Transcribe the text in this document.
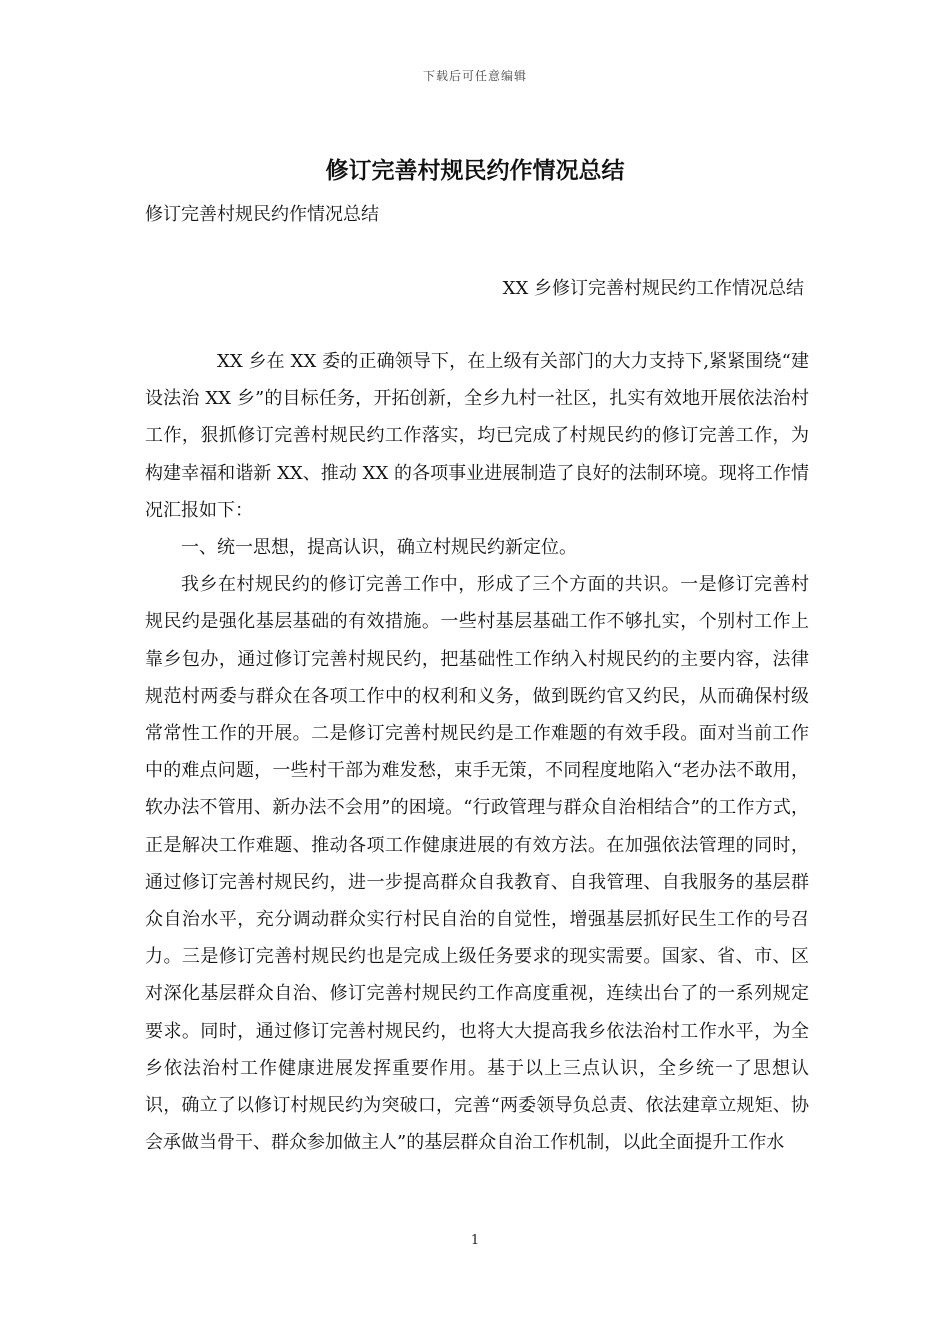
下载后可任意编辑
修订完善村规民约作情况总结

修订完善村规民约作情况总结

XX 乡修订完善村规民约工作情况总结

XX 乡在 XX 委的正确领导下，在上级有关部门的大力支持下,紧紧围绕“建设法治 XX 乡”的目标任务，开拓创新，全乡九村一社区，扎实有效地开展依法治村工作，狠抓修订完善村规民约工作落实，均已完成了村规民约的修订完善工作，为构建幸福和谐新 XX、推动 XX 的各项事业进展制造了良好的法制环境。现将工作情况汇报如下：

一、统一思想，提高认识，确立村规民约新定位。

我乡在村规民约的修订完善工作中，形成了三个方面的共识。一是修订完善村规民约是强化基层基础的有效措施。一些村基层基础工作不够扎实，个别村工作上靠乡包办，通过修订完善村规民约，把基础性工作纳入村规民约的主要内容，法律规范村两委与群众在各项工作中的权利和义务，做到既约官又约民，从而确保村级常常性工作的开展。二是修订完善村规民约是工作难题的有效手段。面对当前工作中的难点问题，一些村干部为难发愁，束手无策，不同程度地陷入“老办法不敢用，软办法不管用、新办法不会用”的困境。“行政管理与群众自治相结合”的工作方式，正是解决工作难题、推动各项工作健康进展的有效方法。在加强依法管理的同时，通过修订完善村规民约，进一步提高群众自我教育、自我管理、自我服务的基层群众自治水平，充分调动群众实行村民自治的自觉性，增强基层抓好民生工作的号召力。三是修订完善村规民约也是完成上级任务要求的现实需要。国家、省、市、区对深化基层群众自治、修订完善村规民约工作高度重视，连续出台了的一系列规定要求。同时，通过修订完善村规民约，也将大大提高我乡依法治村工作水平，为全乡依法治村工作健康进展发挥重要作用。基于以上三点认识，全乡统一了思想认识，确立了以修订村规民约为突破口，完善“两委领导负总责、依法建章立规矩、协会承做当骨干、群众参加做主人”的基层群众自治工作机制，以此全面提升工作水

1
